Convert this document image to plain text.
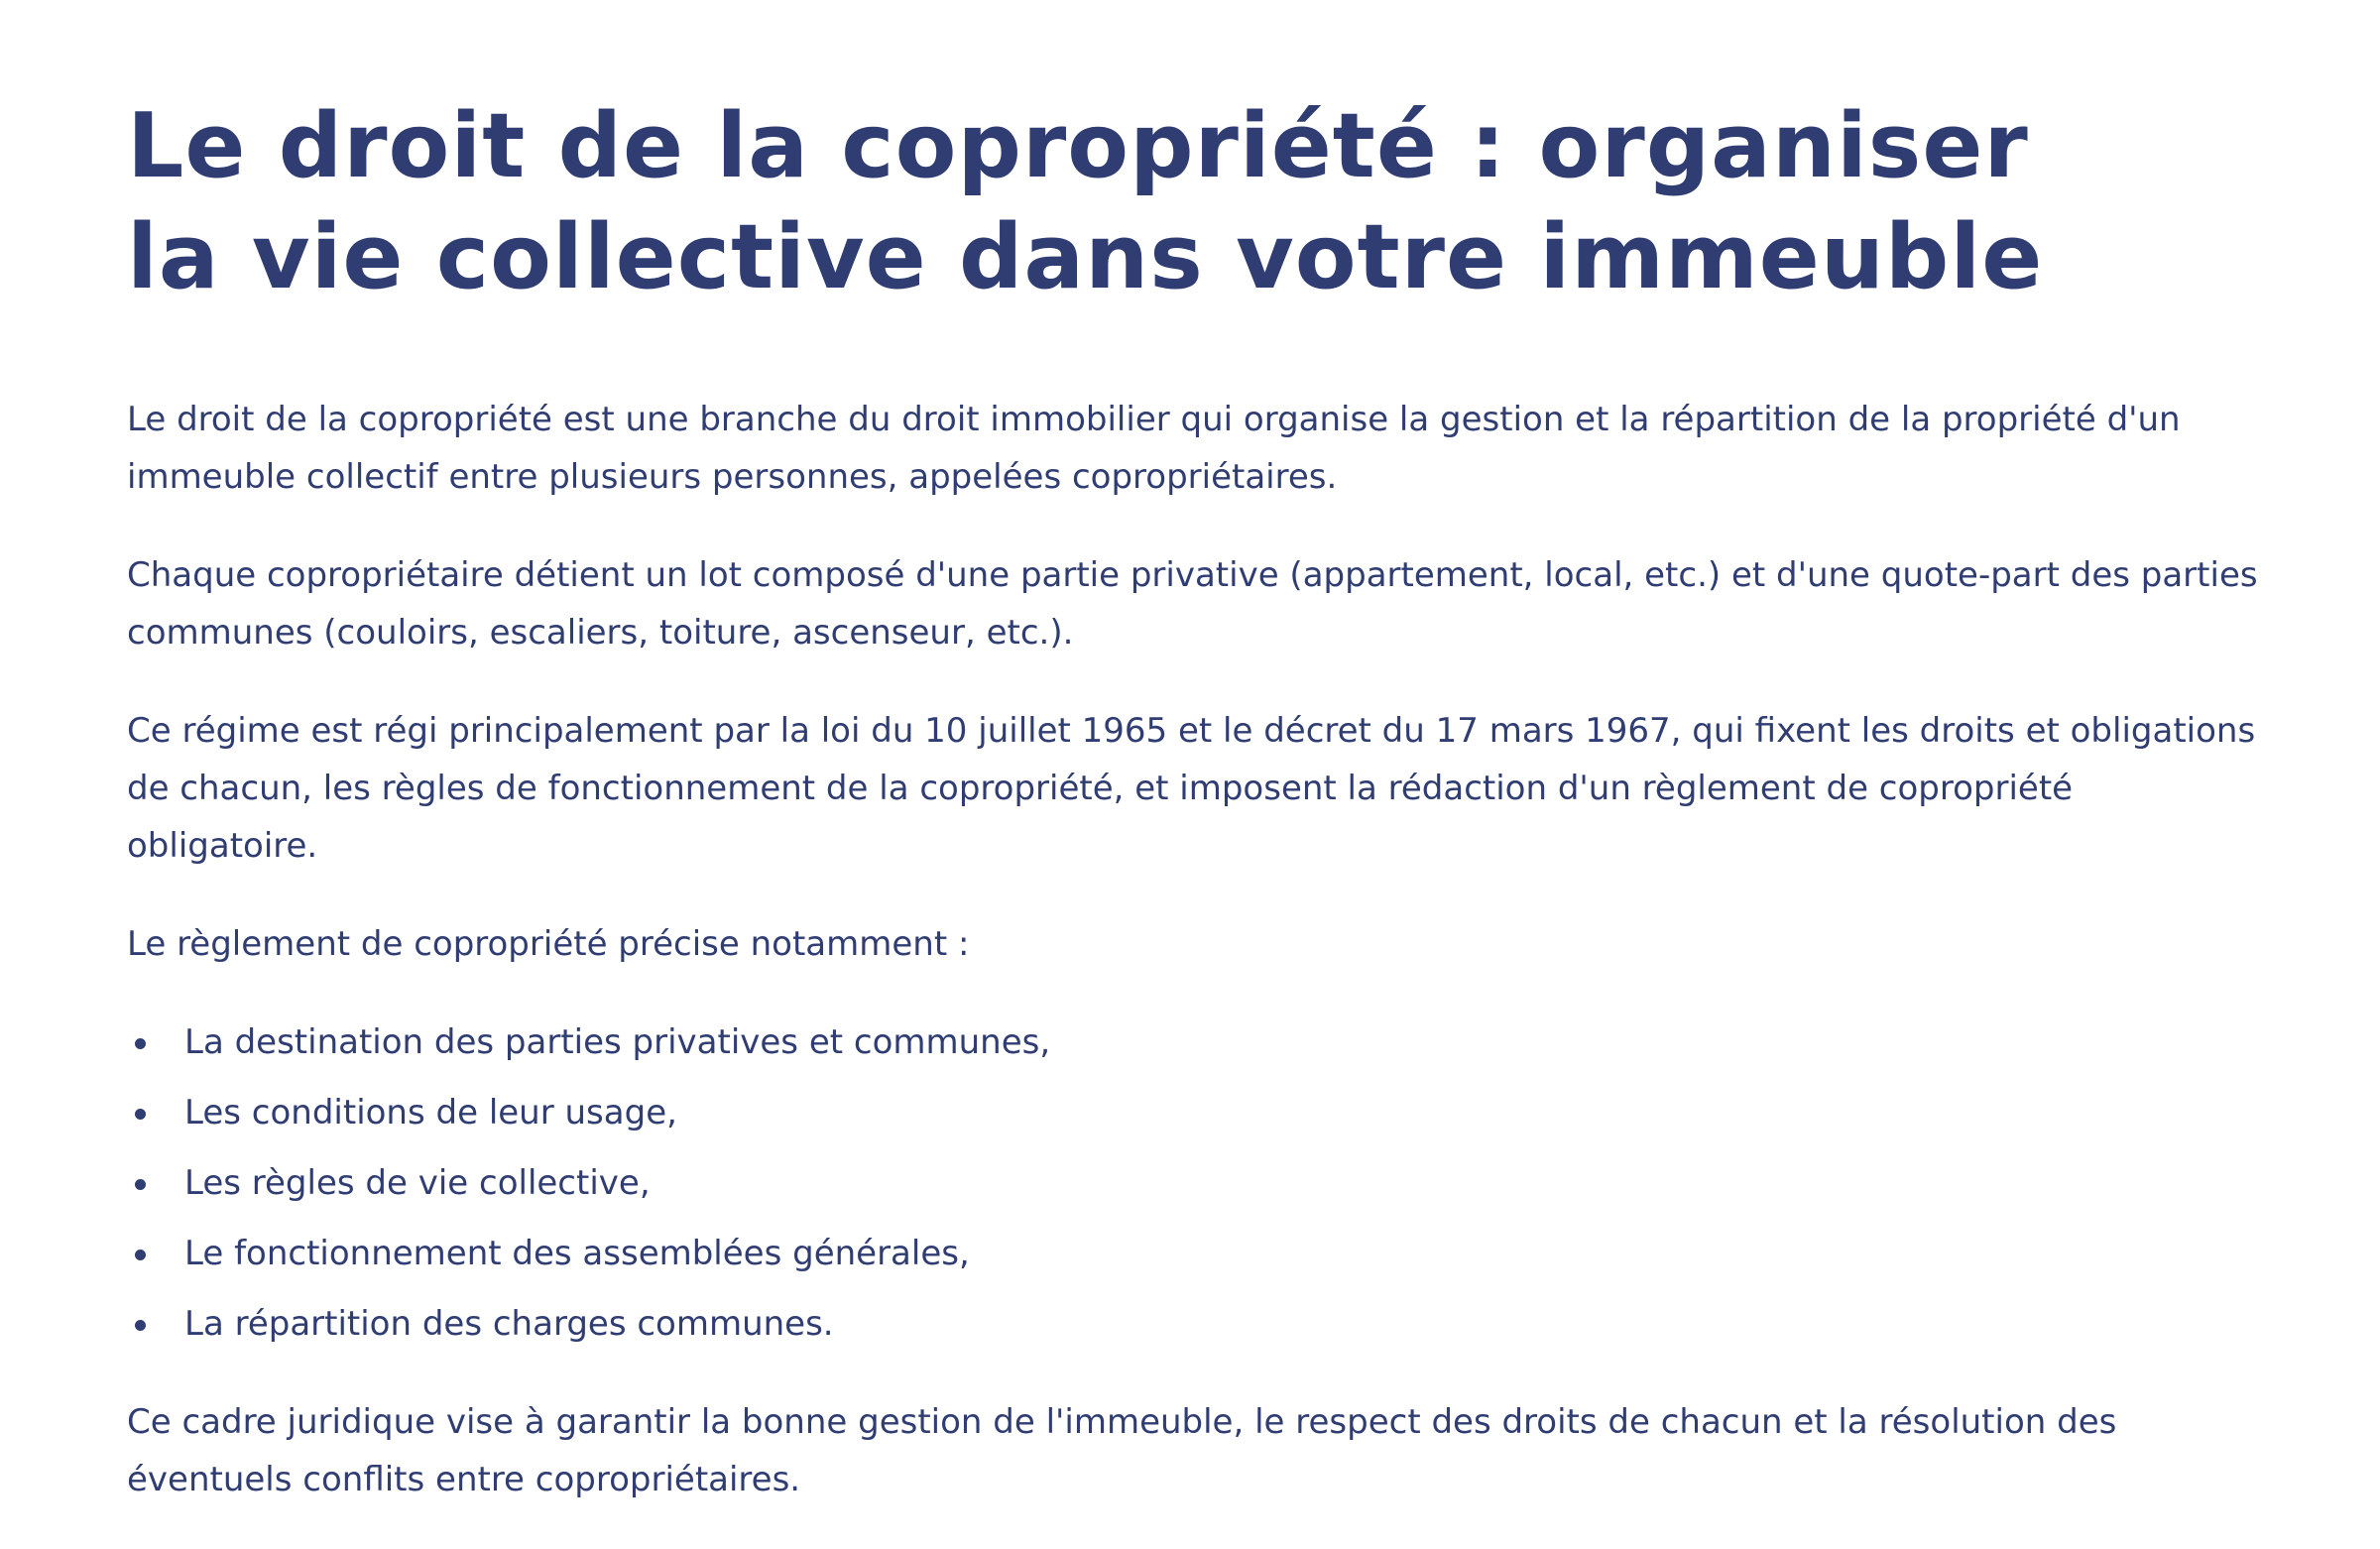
Le droit de la copropriété : organiser
la vie collective dans votre immeuble

Le droit de la copropriété est une branche du droit immobilier qui organise la gestion et la répartition de la propriété d'un immeuble collectif entre plusieurs personnes, appelées copropriétaires.

Chaque copropriétaire détient un lot composé d'une partie privative (appartement, local, etc.) et d'une quote-part des parties communes (couloirs, escaliers, toiture, ascenseur, etc.).

Ce régime est régi principalement par la loi du 10 juillet 1965 et le décret du 17 mars 1967, qui fixent les droits et obligations de chacun, les règles de fonctionnement de la copropriété, et imposent la rédaction d'un règlement de copropriété obligatoire.

Le règlement de copropriété précise notamment :

La destination des parties privatives et communes,
Les conditions de leur usage,
Les règles de vie collective,
Le fonctionnement des assemblées générales,
La répartition des charges communes.

Ce cadre juridique vise à garantir la bonne gestion de l'immeuble, le respect des droits de chacun et la résolution des éventuels conflits entre copropriétaires.
